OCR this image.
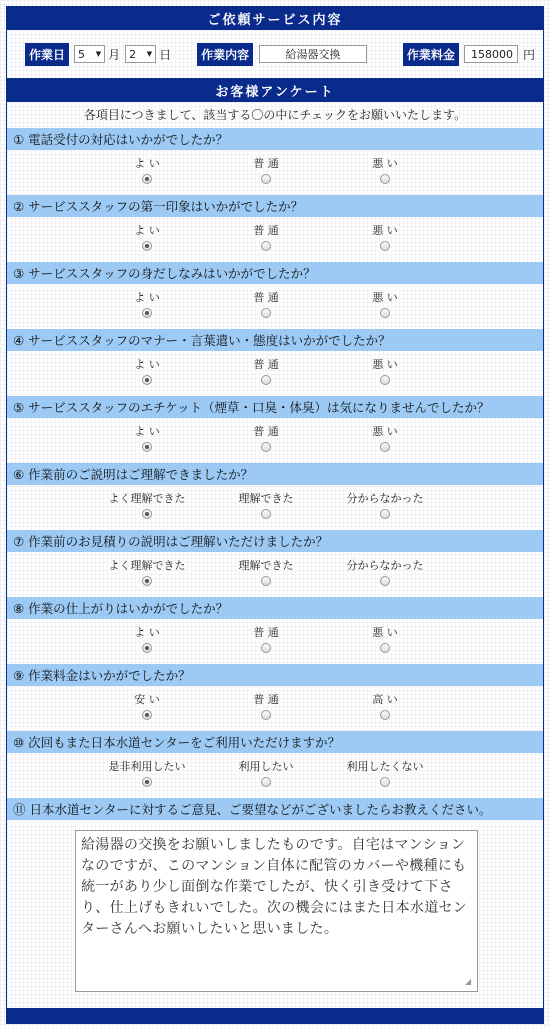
ご依頼サービス内容
作業日	5 ▼ 月 2 ▼ 日	作業内容	給湯器交換	作業料金	158000 円
お客様アンケート
各項目につきまして、該当する〇の中にチェックをお願いいたします。
① 電話受付の対応はいかがでしたか？
よ い	普 通	悪 い
② サービススタッフの第一印象はいかがでしたか？
よ い	普 通	悪 い
③ サービススタッフの身だしなみはいかがでしたか？
よ い	普 通	悪 い
④ サービススタッフのマナー・言葉遣い・態度はいかがでしたか？
よ い	普 通	悪 い
⑤ サービススタッフのエチケット（煙草・口臭・体臭）は気になりませんでしたか？
よ い	普 通	悪 い
⑥ 作業前のご説明はご理解できましたか？
よく理解できた	理解できた	分からなかった
⑦ 作業前のお見積りの説明はご理解いただけましたか？
よく理解できた	理解できた	分からなかった
⑧ 作業の仕上がりはいかがでしたか？
よ い	普 通	悪 い
⑨ 作業料金はいかがでしたか？
安 い	普 通	高 い
⑩ 次回もまた日本水道センターをご利用いただけますか？
是非利用したい	利用したい	利用したくない
⑪ 日本水道センターに対するご意見、ご要望などがございましたらお教えください。
給湯器の交換をお願いしましたものです。自宅はマンションなのですが、このマンション自体に配管のカバーや機種にも統一があり少し面倒な作業でしたが、快く引き受けて下さり、仕上げもきれいでした。次の機会にはまた日本水道センターさんへお願いしたいと思いました。
◢
